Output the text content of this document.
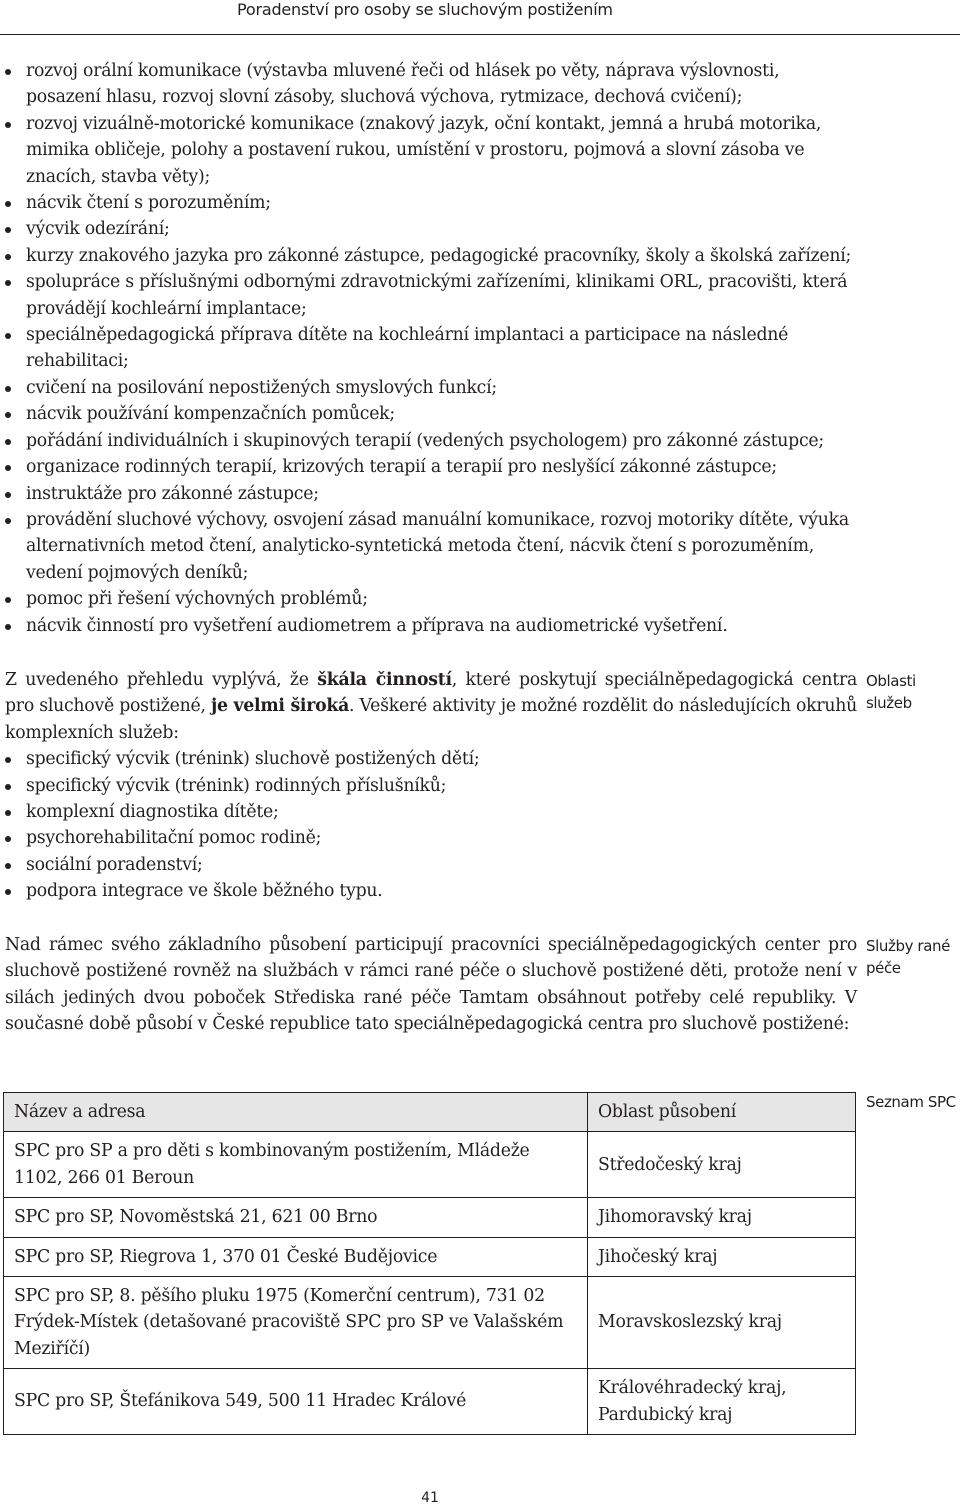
Poradenství pro osoby se sluchovým postižením
rozvoj orální komunikace (výstavba mluvené řeči od hlásek po věty, náprava výslovnosti, posazení hlasu, rozvoj slovní zásoby, sluchová výchova, rytmizace, dechová cvičení);
rozvoj vizuálně-motorické komunikace (znakový jazyk, oční kontakt, jemná a hrubá motorika, mimika obličeje, polohy a postavení rukou, umístění v prostoru, pojmová a slovní zásoba ve znacích, stavba věty);
nácvik čtení s porozuměním;
výcvik odezírání;
kurzy znakového jazyka pro zákonné zástupce, pedagogické pracovníky, školy a školská zařízení;
spolupráce s příslušnými odbornými zdravotnickými zařízeními, klinikami ORL, pracovišti, která provádějí kochleární implantace;
speciálněpedagogická příprava dítěte na kochleární implantaci a participace na následné rehabilitaci;
cvičení na posilování nepostižených smyslových funkcí;
nácvik používání kompenzačních pomůcek;
pořádání individuálních i skupinových terapií (vedených psychologem) pro zákonné zástupce;
organizace rodinných terapií, krizových terapií a terapií pro neslyšící zákonné zástupce;
instruktáže pro zákonné zástupce;
provádění sluchové výchovy, osvojení zásad manuální komunikace, rozvoj motoriky dítěte, výuka alternativních metod čtení, analyticko-syntetická metoda čtení, nácvik čtení s porozuměním, vedení pojmových deníků;
pomoc při řešení výchovných problémů;
nácvik činností pro vyšetření audiometrem a příprava na audiometrické vyšetření.

Z uvedeného přehledu vyplývá, že škála činností, které poskytují speciálněpedagogická centra pro sluchově postižené, je velmi široká. Veškeré aktivity je možné rozdělit do následujících okruhů komplexních služeb:

specifický výcvik (trénink) sluchově postižených dětí;
specifický výcvik (trénink) rodinných příslušníků;
komplexní diagnostika dítěte;
psychorehabilitační pomoc rodině;
sociální poradenství;
podpora integrace ve škole běžného typu.
Oblasti služeb

Nad rámec svého základního působení participují pracovníci speciálněpedagogických center pro sluchově postižené rovněž na službách v rámci rané péče o sluchově postižené děti, protože není v silách jediných dvou poboček Střediska rané péče Tamtam obsáhnout potřeby celé republiky. V současné době působí v České republice tato speciálněpedagogická centra pro sluchově postižené:

Služby rané péče
Seznam SPC
Název a adresa	Oblast působení
SPC pro SP a pro děti s kombinovaným postižením, Mládeže 1102, 266 01 Beroun	Středočeský kraj
SPC pro SP, Novoměstská 21, 621 00 Brno	Jihomoravský kraj
SPC pro SP, Riegrova 1, 370 01 České Budějovice	Jihočeský kraj
SPC pro SP, 8. pěšího pluku 1975 (Komerční centrum), 731 02 Frýdek-Místek (detašované pracoviště SPC pro SP ve Valašském Meziříčí)	Moravskoslezský kraj
SPC pro SP, Štefánikova 549, 500 11 Hradec Králové	Královéhradecký kraj, Pardubický kraj
41
